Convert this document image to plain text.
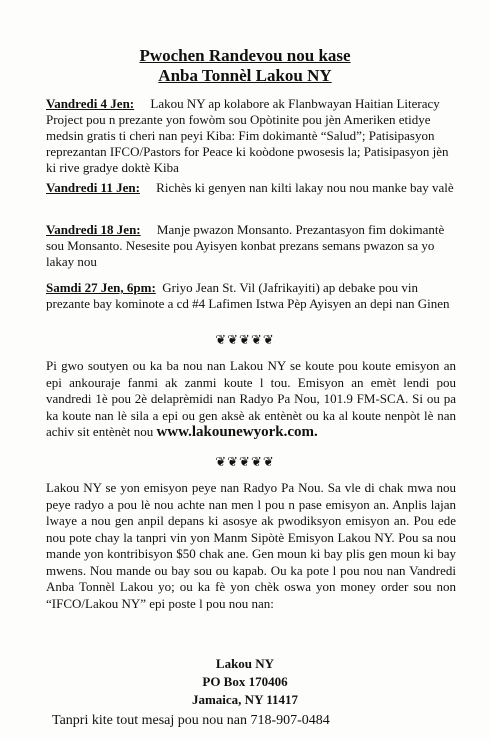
Pwochen Randevou nou kase
Anba Tonnèl Lakou NY
Vandredi 4 Jen: Lakou NY ap kolabore ak Flanbwayan Haitian Literacy Project pou n prezante yon fowòm sou Opòtinite pou jèn Ameriken etidye medsin gratis ti cheri nan peyi Kiba: Fim dokimantè “Salud”; Patisipasyon reprezantan IFCO/Pastors for Peace ki koòdone pwosesis la; Patisipasyon jèn ki rive gradye doktè Kiba
Vandredi 11 Jen: Richès ki genyen nan kilti lakay nou nou manke bay valè
Vandredi 18 Jen: Manje pwazon Monsanto. Prezantasyon fim dokimantè sou Monsanto. Nesesite pou Ayisyen konbat prezans semans pwazon sa yo lakay nou
Samdi 27 Jen, 6pm: Griyo Jean St. Vil (Jafrikayiti) ap debake pou vin prezante bay kominote a cd #4 Lafimen Istwa Pèp Ayisyen an depi nan Ginen
❦❦❦❦❦
Pi gwo soutyen ou ka ba nou nan Lakou NY se koute pou koute emisyon an epi ankouraje fanmi ak zanmi koute l tou. Emisyon an emèt lendi pou vandredi 1è pou 2è delaprèmidi nan Radyo Pa Nou, 101.9 FM-SCA. Si ou pa ka koute nan lè sila a epi ou gen aksè ak entènèt ou ka al koute nenpòt lè nan achiv sit entènèt nou www.lakounewyork.com.
❦❦❦❦❦
Lakou NY se yon emisyon peye nan Radyo Pa Nou. Sa vle di chak mwa nou peye radyo a pou lè nou achte nan men l pou n pase emisyon an. Anplis lajan lwaye a nou gen anpil depans ki asosye ak pwodiksyon emisyon an. Pou ede nou pote chay la tanpri vin yon Manm Sipòtè Emisyon Lakou NY. Pou sa nou mande yon kontribisyon $50 chak ane. Gen moun ki bay plis gen moun ki bay mwens. Nou mande ou bay sou ou kapab. Ou ka pote l pou nou nan Vandredi Anba Tonnèl Lakou yo; ou ka fè yon chèk oswa yon money order sou non “IFCO/Lakou NY” epi poste l pou nou nan:
Lakou NY
PO Box 170406
Jamaica, NY 11417
Tanpri kite tout mesaj pou nou nan 718-907-0484
